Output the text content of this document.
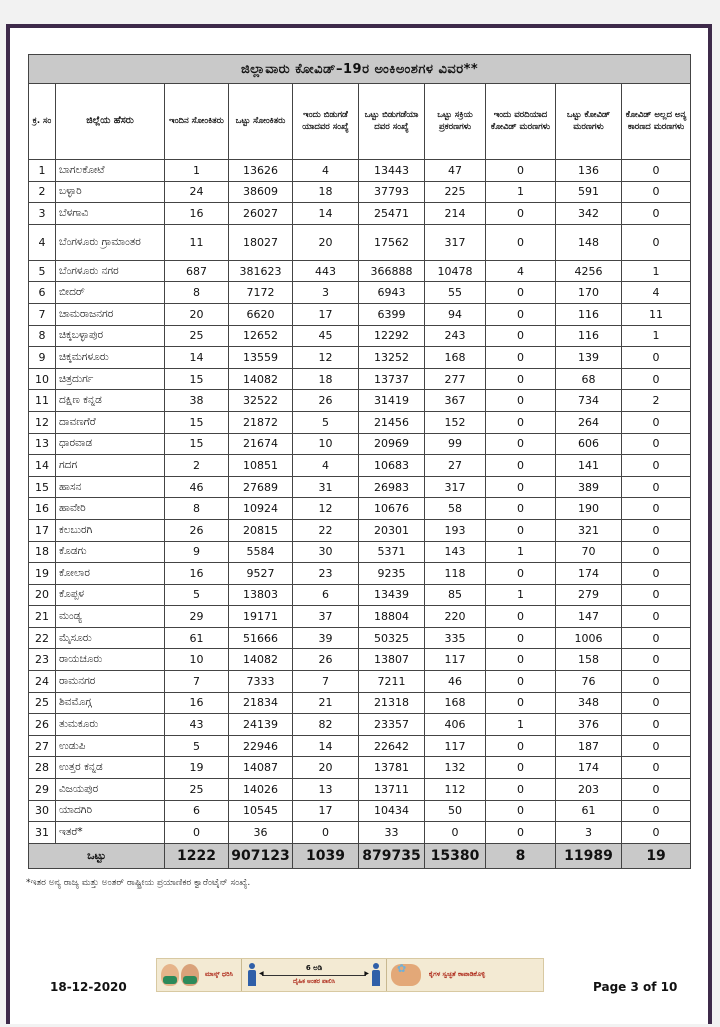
ಜಿಲ್ಲಾವಾರು ಕೋವಿಡ್–19ರ ಅಂಕಿಅಂಶಗಳ ವಿವರ**									
ಕ್ರ. ಸಂ	ಜಿಲ್ಲೆಯ ಹೆಸರು	ಇಂದಿನ ಸೋಂಕಿತರು	ಒಟ್ಟು ಸೋಂಕಿತರು	ಇಂದು ಬಿಡುಗಡೆ ಯಾದವರ ಸಂಖ್ಯೆ	ಒಟ್ಟು ಬಿಡುಗಡೆಯಾ ದವರ ಸಂಖ್ಯೆ	ಒಟ್ಟು ಸಕ್ರಿಯ ಪ್ರಕರಣಗಳು	ಇಂದು ವರದಿಯಾದ ಕೋವಿಡ್ ಮರಣಗಳು	ಒಟ್ಟು ಕೋವಿಡ್ ಮರಣಗಳು	ಕೋವಿಡ್ ಅಲ್ಲದ ಅನ್ಯ ಕಾರಣದ ಮರಣಗಳು
1	ಬಾಗಲಕೋಟೆ	1	13626	4	13443	47	0	136	0
2	ಬಳ್ಳಾರಿ	24	38609	18	37793	225	1	591	0
3	ಬೆಳಗಾವಿ	16	26027	14	25471	214	0	342	0
4	ಬೆಂಗಳೂರು ಗ್ರಾಮಾಂತರ	11	18027	20	17562	317	0	148	0
5	ಬೆಂಗಳೂರು ನಗರ	687	381623	443	366888	10478	4	4256	1
6	ಬೀದರ್	8	7172	3	6943	55	0	170	4
7	ಚಾಮರಾಜನಗರ	20	6620	17	6399	94	0	116	11
8	ಚಿಕ್ಕಬಳ್ಳಾಪುರ	25	12652	45	12292	243	0	116	1
9	ಚಿಕ್ಕಮಗಳೂರು	14	13559	12	13252	168	0	139	0
10	ಚಿತ್ರದುರ್ಗ	15	14082	18	13737	277	0	68	0
11	ದಕ್ಷಿಣ ಕನ್ನಡ	38	32522	26	31419	367	0	734	2
12	ದಾವಣಗೆರೆ	15	21872	5	21456	152	0	264	0
13	ಧಾರವಾಡ	15	21674	10	20969	99	0	606	0
14	ಗದಗ	2	10851	4	10683	27	0	141	0
15	ಹಾಸನ	46	27689	31	26983	317	0	389	0
16	ಹಾವೇರಿ	8	10924	12	10676	58	0	190	0
17	ಕಲಬುರಗಿ	26	20815	22	20301	193	0	321	0
18	ಕೊಡಗು	9	5584	30	5371	143	1	70	0
19	ಕೋಲಾರ	16	9527	23	9235	118	0	174	0
20	ಕೊಪ್ಪಳ	5	13803	6	13439	85	1	279	0
21	ಮಂಡ್ಯ	29	19171	37	18804	220	0	147	0
22	ಮೈಸೂರು	61	51666	39	50325	335	0	1006	0
23	ರಾಯಚೂರು	10	14082	26	13807	117	0	158	0
24	ರಾಮನಗರ	7	7333	7	7211	46	0	76	0
25	ಶಿವಮೊಗ್ಗ	16	21834	21	21318	168	0	348	0
26	ತುಮಕೂರು	43	24139	82	23357	406	1	376	0
27	ಉಡುಪಿ	5	22946	14	22642	117	0	187	0
28	ಉತ್ತರ ಕನ್ನಡ	19	14087	20	13781	132	0	174	0
29	ವಿಜಯಪುರ	25	14026	13	13711	112	0	203	0
30	ಯಾದಗಿರಿ	6	10545	17	10434	50	0	61	0
31	ಇತರೆ*	0	36	0	33	0	0	3	0
ಒಟ್ಟು		1222	907123	1039	879735	15380	8	11989	19
*ಇತರ ಅನ್ಯ ರಾಜ್ಯ ಮತ್ತು ಅಂತರ್ ರಾಷ್ಟ್ರೀಯ ಪ್ರಯಾಣಿಕರ ಕ್ವಾರೆಂಟೈನ್ ಸಂಖ್ಯೆ.
ಮಾಸ್ಕ್ ಧರಿಸಿ
6 ಅಡಿ
◀ ▶
ದೈಹಿಕ ಅಂತರ ಪಾಲಿಸಿ
✿
ಕೈಗಳ ಸ್ವಚ್ಛತೆ ಕಾಪಾಡಿಕೊಳ್ಳಿ
18-12-2020	Page 3 of 10
